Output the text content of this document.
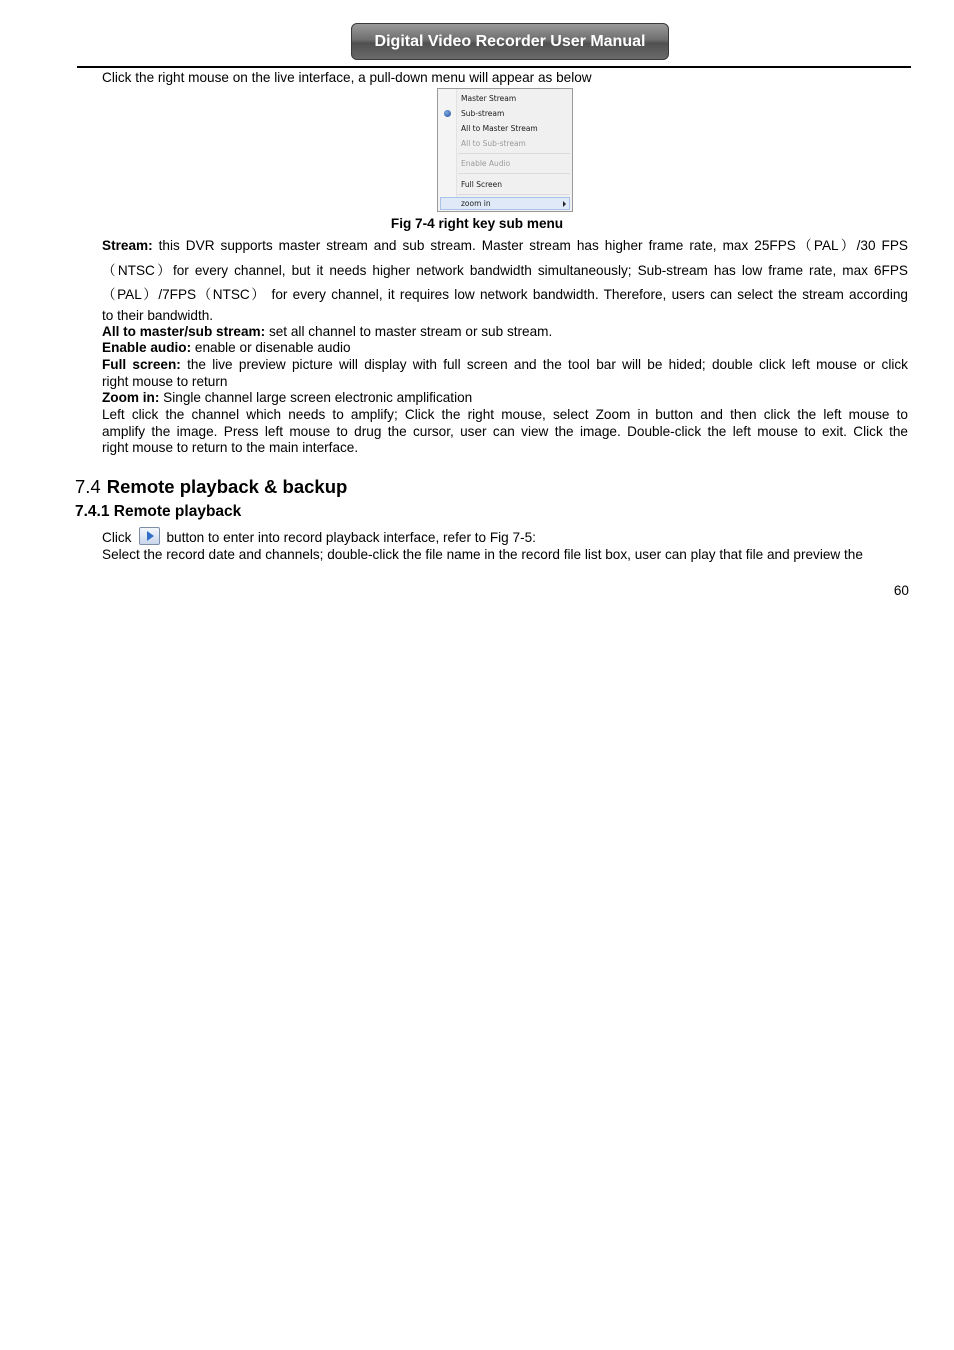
Digital Video Recorder User Manual

Click the right mouse on the live interface, a pull-down menu will appear as below

Master Stream
Sub-stream
All to Master Stream
All to Sub-stream
Enable Audio
Full Screen
zoom in
Fig 7-4 right key sub menu

Stream: this DVR supports master stream and sub stream. Master stream has higher frame rate, max 25FPS（PAL）/30 FPS

（NTSC）for every channel, but it needs higher network bandwidth simultaneously; Sub-stream has low frame rate, max 6FPS

（PAL）/7FPS（NTSC） for every channel, it requires low network bandwidth. Therefore, users can select the stream according

to their bandwidth.

All to master/sub stream: set all channel to master stream or sub stream.

Enable audio: enable or disenable audio

Full screen: the live preview picture will display with full screen and the tool bar will be hided; double click left mouse or click

right mouse to return

Zoom in: Single channel large screen electronic amplification

Left click the channel which needs to amplify; Click the right mouse, select Zoom in button and then click the left mouse to

amplify the image. Press left mouse to drug the cursor, user can view the image. Double-click the left mouse to exit. Click the

right mouse to return to the main interface.

7.4 Remote playback & backup
7.4.1 Remote playback

Click	button to enter into record playback interface, refer to Fig 7-5:

Select the record date and channels; double-click the file name in the record file list box, user can play that file and preview the

60
